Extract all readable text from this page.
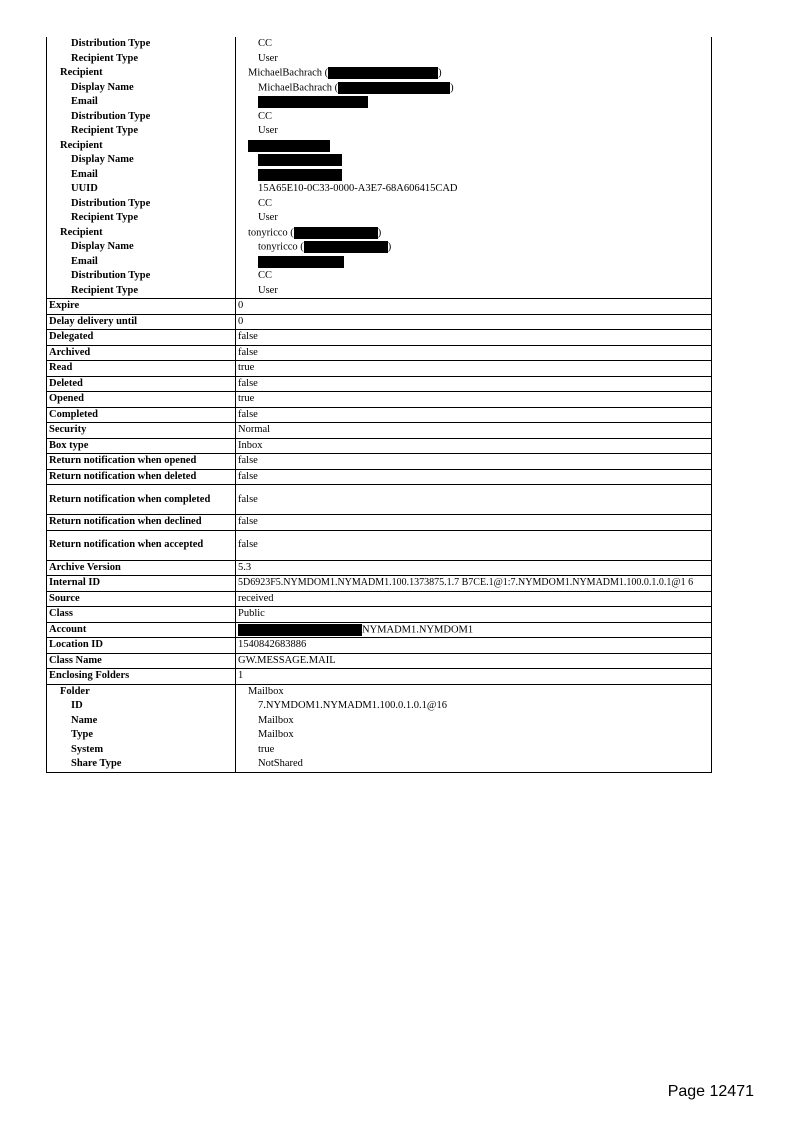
Distribution Type	CC
Recipient Type	User
Recipient	MichaelBachrach ( )
Display Name	MichaelBachrach ( )
Email	
Distribution Type	CC
Recipient Type	User
Recipient	
Display Name	
Email	
UUID	15A65E10-0C33-0000-A3E7-68A606415CAD
Distribution Type	CC
Recipient Type	User
Recipient	tonyricco ( )
Display Name	tonyricco ( )
Email	
Distribution Type	CC
Recipient Type	User
Expire	0
Delay delivery until	0
Delegated	false
Archived	false
Read	true
Deleted	false
Opened	true
Completed	false
Security	Normal
Box type	Inbox
Return notification when opened	false
Return notification when deleted	false
Return notification when completed	false
Return notification when declined	false
Return notification when accepted	false
Archive Version	5.3
Internal ID	5D6923F5.NYMDOM1.NYMADM1.100.1373875.1.7 B7CE.1@1:7.NYMDOM1.NYMADM1.100.0.1.0.1@1 6
Source	received
Class	Public
Account	NYMADM1.NYMDOM1
Location ID	1540842683886
Class Name	GW.MESSAGE.MAIL
Enclosing Folders	1
Folder	Mailbox
ID	7.NYMDOM1.NYMADM1.100.0.1.0.1@16
Name	Mailbox
Type	Mailbox
System	true
Share Type	NotShared
Page 12471
